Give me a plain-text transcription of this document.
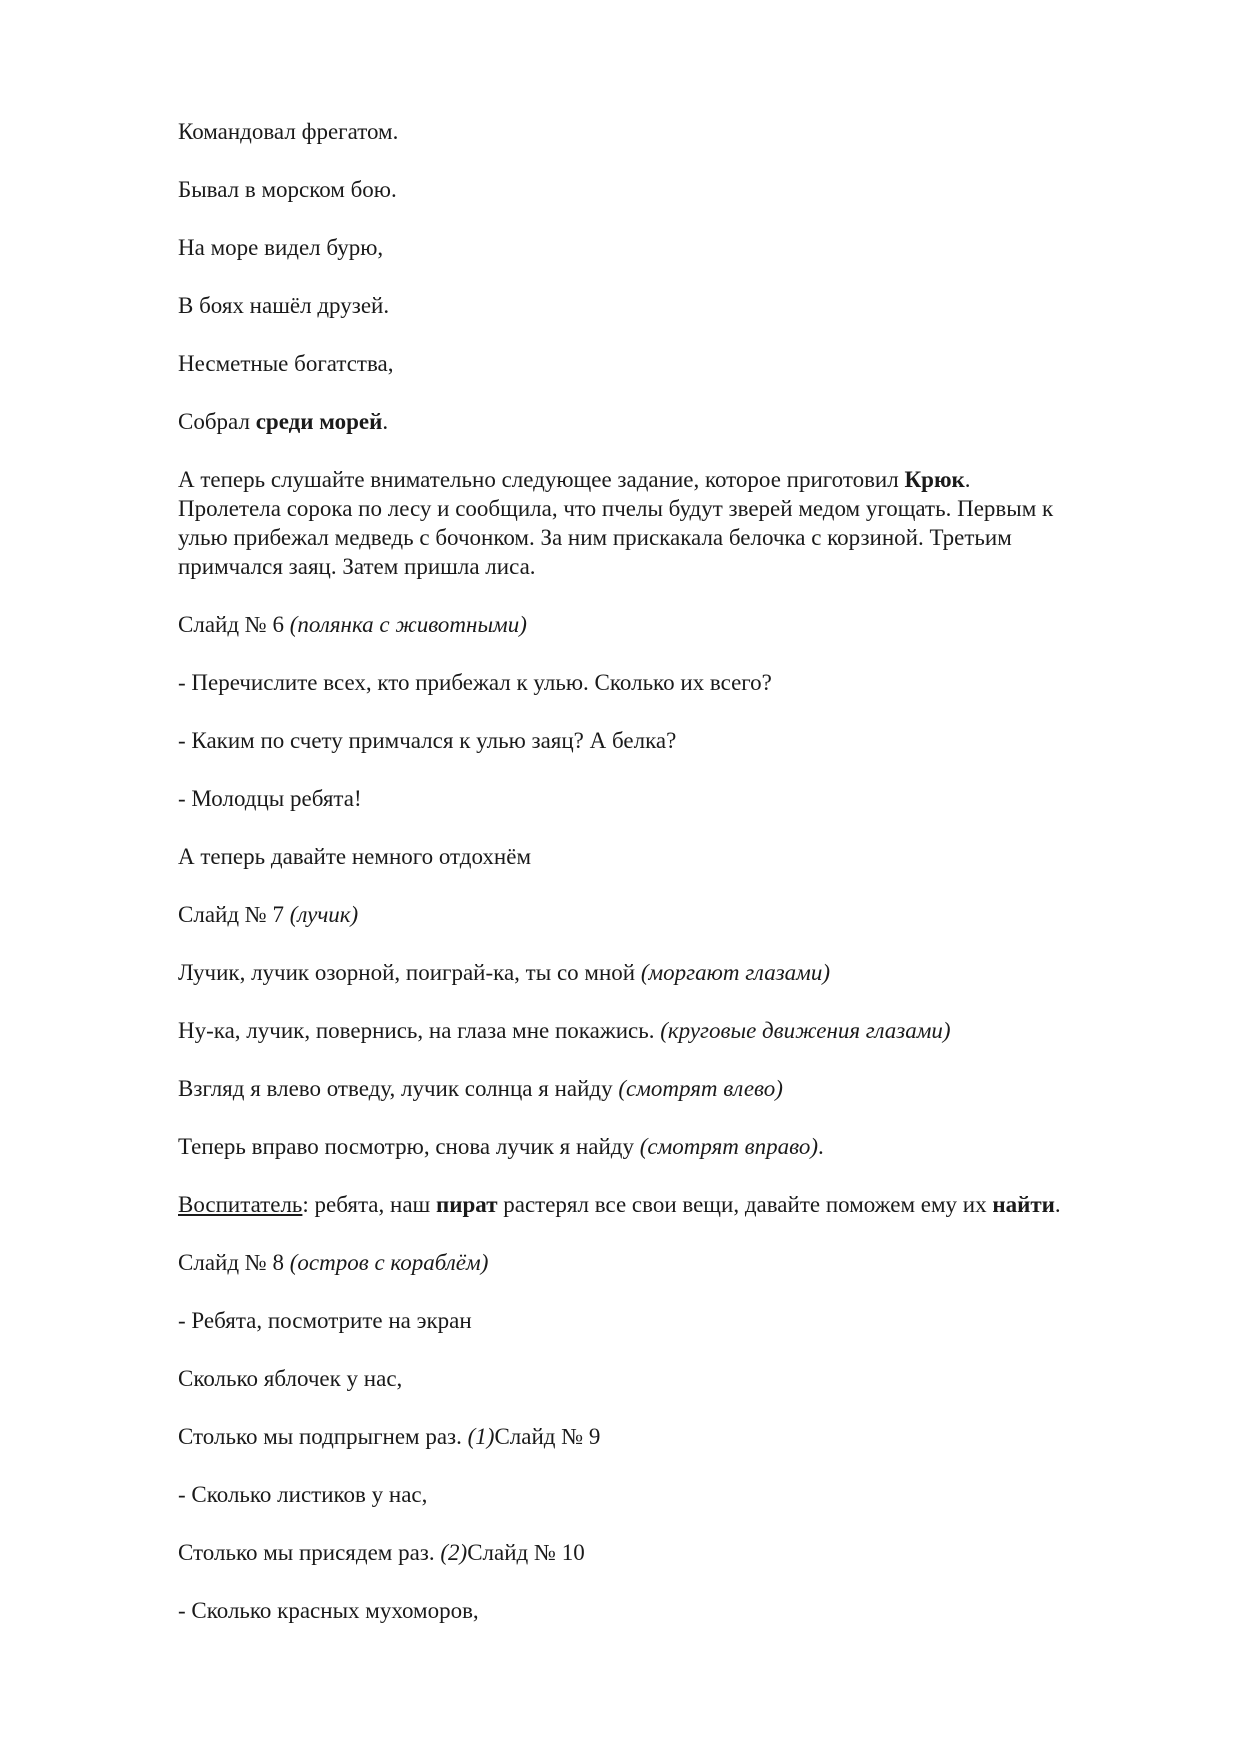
Командовал фрегатом.

Бывал в морском бою.

На море видел бурю,

В боях нашёл друзей.

Несметные богатства,

Собрал среди морей.

А теперь слушайте внимательно следующее задание, которое приготовил Крюк.
Пролетела сорока по лесу и сообщила, что пчелы будут зверей медом угощать. Первым к
улью прибежал медведь с бочонком. За ним прискакала белочка с корзиной. Третьим
примчался заяц. Затем пришла лиса.

Слайд № 6 (полянка с животными)

- Перечислите всех, кто прибежал к улью. Сколько их всего?

- Каким по счету примчался к улью заяц? А белка?

- Молодцы ребята!

А теперь давайте немного отдохнём

Слайд № 7 (лучик)

Лучик, лучик озорной, поиграй-ка, ты со мной (моргают глазами)

Ну-ка, лучик, повернись, на глаза мне покажись. (круговые движения глазами)

Взгляд я влево отведу, лучик солнца я найду (смотрят влево)

Теперь вправо посмотрю, снова лучик я найду (смотрят вправо).

Воспитатель: ребята, наш пират растерял все свои вещи, давайте поможем ему их найти.

Слайд № 8 (остров с кораблём)

- Ребята, посмотрите на экран

Сколько яблочек у нас,

Столько мы подпрыгнем раз. (1)Слайд № 9

- Сколько листиков у нас,

Столько мы присядем раз. (2)Слайд № 10

- Сколько красных мухоморов,
